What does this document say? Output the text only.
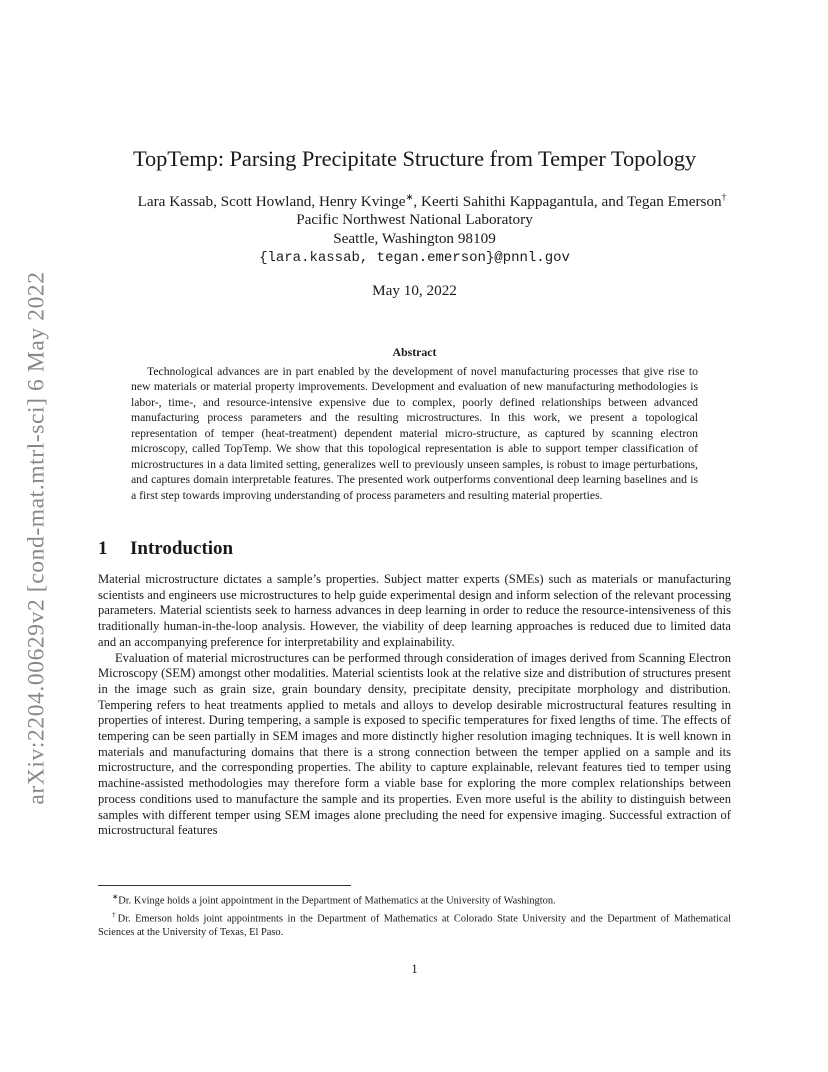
arXiv:2204.00629v2 [cond-mat.mtrl-sci] 6 May 2022
TopTemp: Parsing Precipitate Structure from Temper Topology
Lara Kassab, Scott Howland, Henry Kvinge∗, Keerti Sahithi Kappagantula, and Tegan Emerson†
Pacific Northwest National Laboratory
Seattle, Washington 98109
{lara.kassab, tegan.emerson}@pnnl.gov
May 10, 2022
Abstract

Technological advances are in part enabled by the development of novel manufacturing processes that give rise to new materials or material property improvements. Development and evaluation of new manufacturing methodologies is labor-, time-, and resource-intensive expensive due to complex, poorly defined relationships between advanced manufacturing process parameters and the resulting microstructures. In this work, we present a topological representation of temper (heat-treatment) dependent material micro-structure, as captured by scanning electron microscopy, called TopTemp. We show that this topological representation is able to support temper classification of microstructures in a data limited setting, generalizes well to previously unseen samples, is robust to image perturbations, and captures domain interpretable features. The presented work outperforms conventional deep learning baselines and is a first step towards improving understanding of process parameters and resulting material properties.

1 Introduction

Material microstructure dictates a sample’s properties. Subject matter experts (SMEs) such as materials or manufacturing scientists and engineers use microstructures to help guide experimental design and inform selection of the relevant processing parameters. Material scientists seek to harness advances in deep learning in order to reduce the resource-intensiveness of this traditionally human-in-the-loop analysis. However, the viability of deep learning approaches is reduced due to limited data and an accompanying preference for interpretability and explainability.

Evaluation of material microstructures can be performed through consideration of images derived from Scanning Electron Microscopy (SEM) amongst other modalities. Material scientists look at the relative size and distribution of structures present in the image such as grain size, grain boundary density, precipitate density, precipitate morphology and distribution. Tempering refers to heat treatments applied to metals and alloys to develop desirable microstructural features resulting in properties of interest. During tempering, a sample is exposed to specific temperatures for fixed lengths of time. The effects of tempering can be seen partially in SEM images and more distinctly higher resolution imaging techniques. It is well known in materials and manufacturing domains that there is a strong connection between the temper applied on a sample and its microstructure, and the corresponding properties. The ability to capture explainable, relevant features tied to temper using machine-assisted methodologies may therefore form a viable base for exploring the more complex relationships between process conditions used to manufacture the sample and its properties. Even more useful is the ability to distinguish between samples with different temper using SEM images alone precluding the need for expensive imaging. Successful extraction of microstructural features

∗Dr. Kvinge holds a joint appointment in the Department of Mathematics at the University of Washington.

†Dr. Emerson holds joint appointments in the Department of Mathematics at Colorado State University and the Department of Mathematical Sciences at the University of Texas, El Paso.

1
